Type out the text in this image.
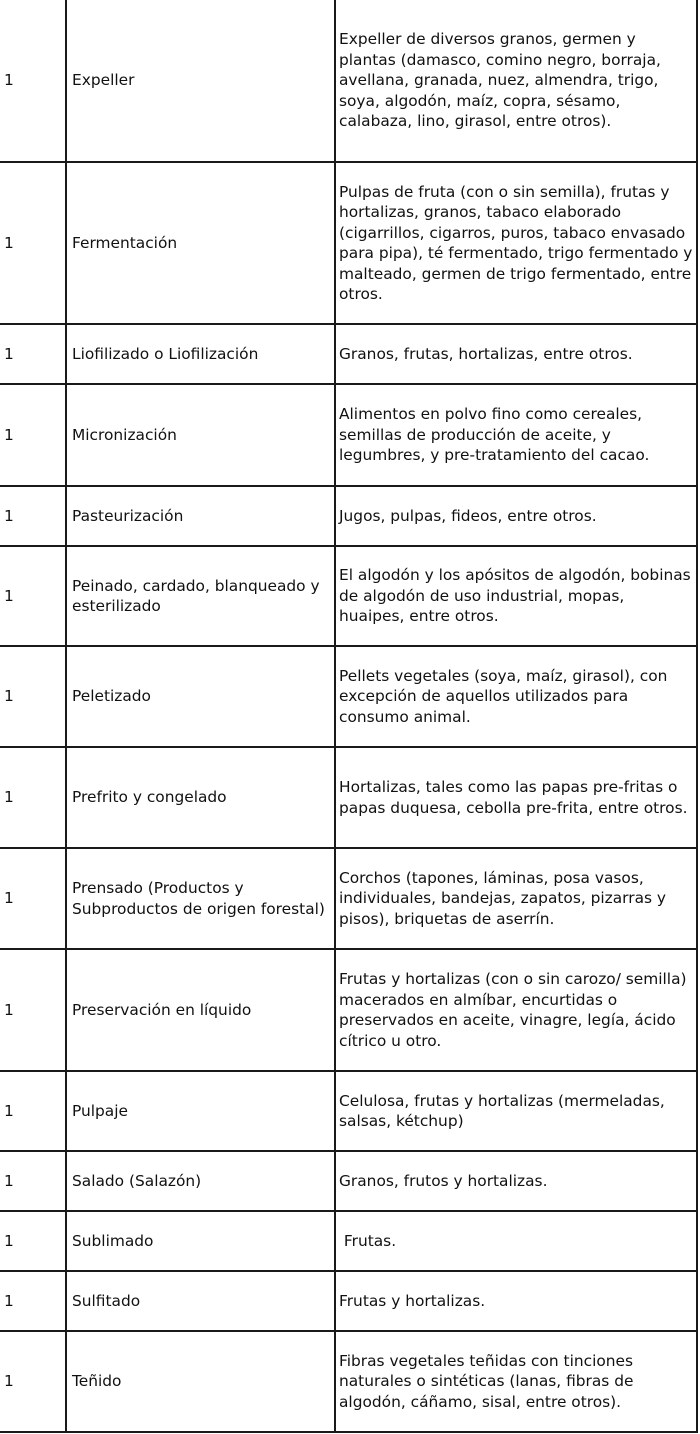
1	Expeller	Expeller de diversos granos, germen y plantas (damasco, comino negro, borraja, avellana, granada, nuez, almendra, trigo, soya, algodón, maíz, copra, sésamo, calabaza, lino, girasol, entre otros).
1	Fermentación	Pulpas de fruta (con o sin semilla), frutas y hortalizas, granos, tabaco elaborado (cigarrillos, cigarros, puros, tabaco envasado para pipa), té fermentado, trigo fermentado y malteado, germen de trigo fermentado, entre otros.
1	Liofilizado o Liofilización	Granos, frutas, hortalizas, entre otros.
1	Micronización	Alimentos en polvo fino como cereales, semillas de producción de aceite, y legumbres, y pre-tratamiento del cacao.
1	Pasteurización	Jugos, pulpas, fideos, entre otros.
1	Peinado, cardado, blanqueado y esterilizado	El algodón y los apósitos de algodón, bobinas de algodón de uso industrial, mopas, huaipes, entre otros.
1	Peletizado	Pellets vegetales (soya, maíz, girasol), con excepción de aquellos utilizados para consumo animal.
1	Prefrito y congelado	Hortalizas, tales como las papas pre-fritas o papas duquesa, cebolla pre-frita, entre otros.
1	Prensado (Productos y Subproductos de origen forestal)	Corchos (tapones, láminas, posa vasos, individuales, bandejas, zapatos, pizarras y pisos), briquetas de aserrín.
1	Preservación en líquido	Frutas y hortalizas (con o sin carozo/ semilla) macerados en almíbar, encurtidas o preservados en aceite, vinagre, legía, ácido cítrico u otro.
1	Pulpaje	Celulosa, frutas y hortalizas (mermeladas, salsas, kétchup)
1	Salado (Salazón)	Granos, frutos y hortalizas.
1	Sublimado	Frutas.
1	Sulfitado	Frutas y hortalizas.
1	Teñido	Fibras vegetales teñidas con tinciones naturales o sintéticas (lanas, fibras de algodón, cáñamo, sisal, entre otros).
